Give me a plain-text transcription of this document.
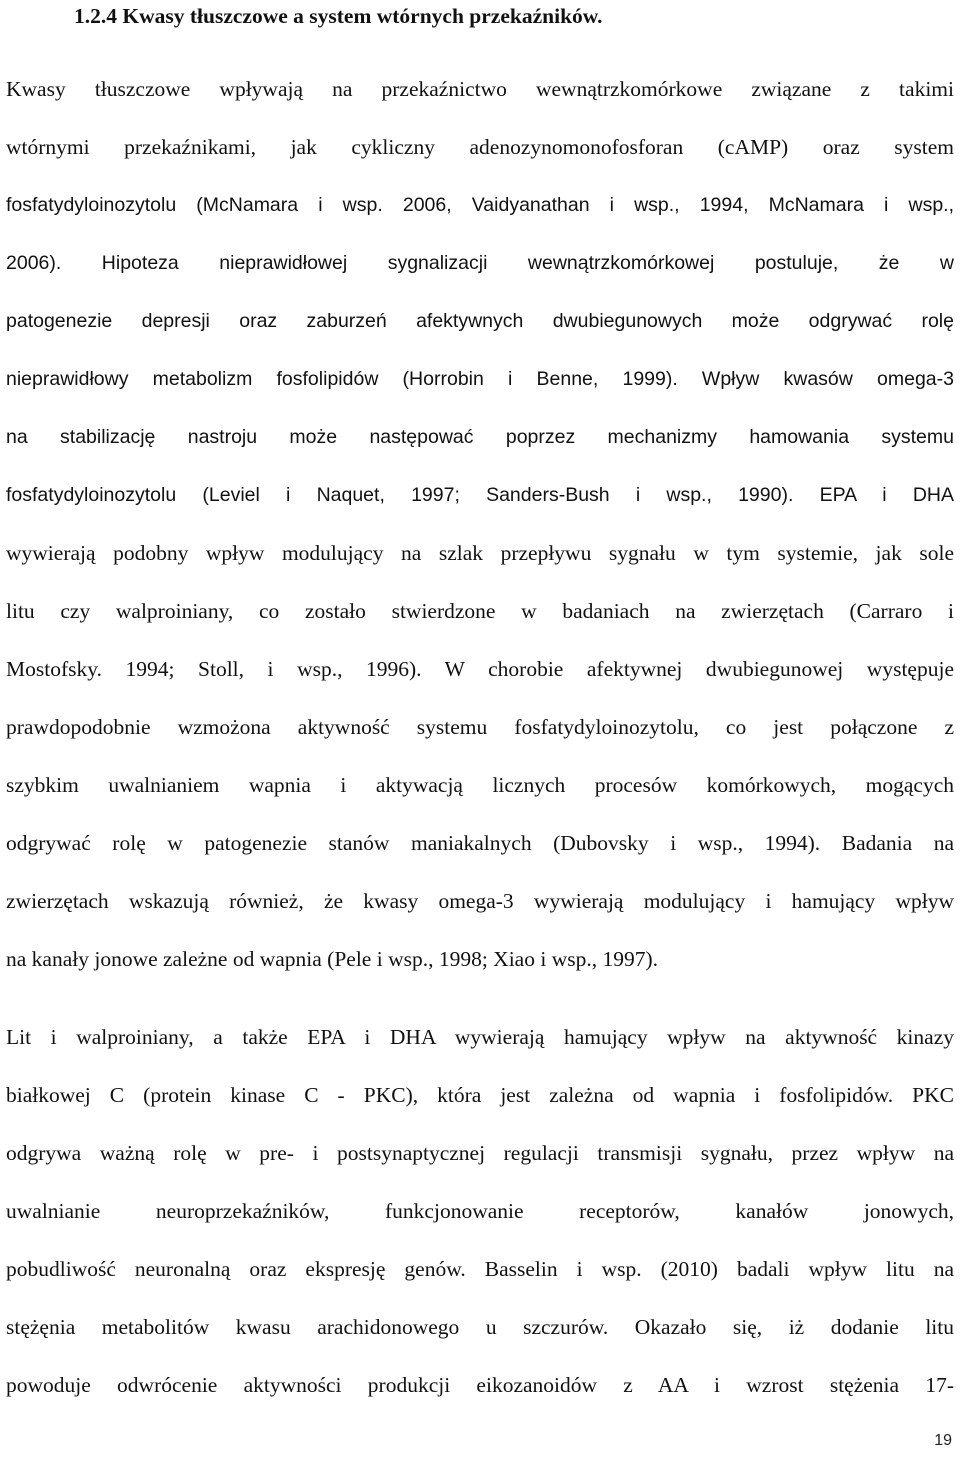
1.2.4 Kwasy tłuszczowe a system wtórnych przekaźników.

Kwasy tłuszczowe wpływają na przekaźnictwo wewnątrzkomórkowe związane z takimi

wtórnymi przekaźnikami, jak cykliczny adenozynomonofosforan (cAMP) oraz system

fosfatydyloinozytolu (McNamara i wsp. 2006, Vaidyanathan i wsp., 1994, McNamara i wsp.,

2006). Hipoteza nieprawidłowej sygnalizacji wewnątrzkomórkowej postuluje, że w

patogenezie depresji oraz zaburzeń afektywnych dwubiegunowych może odgrywać rolę

nieprawidłowy metabolizm fosfolipidów (Horrobin i Benne, 1999). Wpływ kwasów omega-3

na stabilizację nastroju może następować poprzez mechanizmy hamowania systemu

fosfatydyloinozytolu (Leviel i Naquet, 1997; Sanders-Bush i wsp., 1990). EPA i DHA

wywierają podobny wpływ modulujący na szlak przepływu sygnału w tym systemie, jak sole

litu czy walproiniany, co zostało stwierdzone w badaniach na zwierzętach (Carraro i

Mostofsky. 1994; Stoll, i wsp., 1996). W chorobie afektywnej dwubiegunowej występuje

prawdopodobnie wzmożona aktywność systemu fosfatydyloinozytolu, co jest połączone z

szybkim uwalnianiem wapnia i aktywacją licznych procesów komórkowych, mogących

odgrywać rolę w patogenezie stanów maniakalnych (Dubovsky i wsp., 1994). Badania na

zwierzętach wskazują również, że kwasy omega-3 wywierają modulujący i hamujący wpływ

na kanały jonowe zależne od wapnia (Pele i wsp., 1998; Xiao i wsp., 1997).

Lit i walproiniany, a także EPA i DHA wywierają hamujący wpływ na aktywność kinazy

białkowej C (protein kinase C - PKC), która jest zależna od wapnia i fosfolipidów. PKC

odgrywa ważną rolę w pre- i postsynaptycznej regulacji transmisji sygnału, przez wpływ na

uwalnianie neuroprzekaźników, funkcjonowanie receptorów, kanałów jonowych,

pobudliwość neuronalną oraz ekspresję genów. Basselin i wsp. (2010) badali wpływ litu na

stężęnia metabolitów kwasu arachidonowego u szczurów. Okazało się, iż dodanie litu

powoduje odwrócenie aktywności produkcji eikozanoidów z AA i wzrost stężenia 17-

19
